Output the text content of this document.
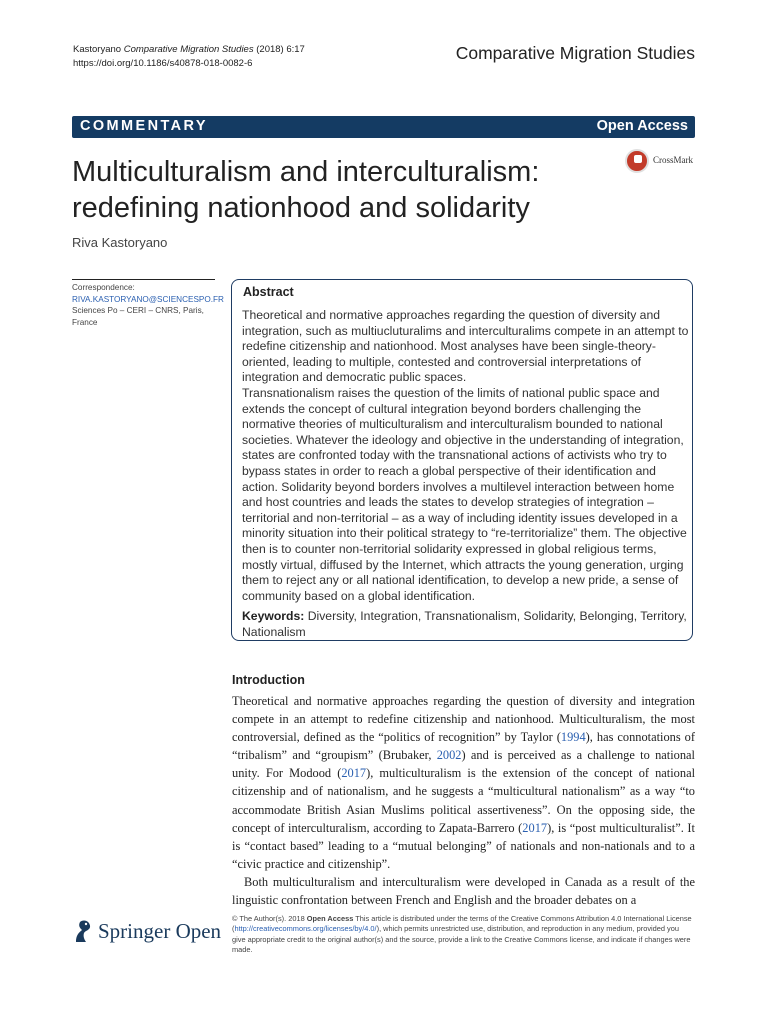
Kastoryano Comparative Migration Studies (2018) 6:17
https://doi.org/10.1186/s40878-018-0082-6
Comparative Migration Studies
COMMENTARY	Open Access
Multiculturalism and interculturalism: redefining nationhood and solidarity
CrossMark
Riva Kastoryano
Correspondence:
RIVA.KASTORYANO@SCIENCESPO.FR
Sciences Po – CERI – CNRS, Paris, France
Abstract
Theoretical and normative approaches regarding the question of diversity and integration, such as multiucluturalims and interculturalims compete in an attempt to redefine citizenship and nationhood. Most analyses have been single-theory-oriented, leading to multiple, contested and controversial interpretations of integration and democratic public spaces.
Transnationalism raises the question of the limits of national public space and extends the concept of cultural integration beyond borders challenging the normative theories of multiculturalism and interculturalism bounded to national societies. Whatever the ideology and objective in the understanding of integration, states are confronted today with the transnational actions of activists who try to bypass states in order to reach a global perspective of their identification and action. Solidarity beyond borders involves a multilevel interaction between home and host countries and leads the states to develop strategies of integration – territorial and non-territorial – as a way of including identity issues developed in a minority situation into their political strategy to “re-territorialize” them. The objective then is to counter non-territorial solidarity expressed in global religious terms, mostly virtual, diffused by the Internet, which attracts the young generation, urging them to reject any or all national identification, to develop a new pride, a sense of community based on a global identification.
Keywords: Diversity, Integration, Transnationalism, Solidarity, Belonging, Territory, Nationalism
Introduction
Theoretical and normative approaches regarding the question of diversity and integration compete in an attempt to redefine citizenship and nationhood. Multiculturalism, the most controversial, defined as the “politics of recognition” by Taylor (1994), has connotations of “tribalism” and “groupism” (Brubaker, 2002) and is perceived as a challenge to national unity. For Modood (2017), multiculturalism is the extension of the concept of national citizenship and of nationalism, and he suggests a “multicultural nationalism” as a way “to accommodate British Asian Muslims political assertiveness”. On the opposing side, the concept of interculturalism, according to Zapata-Barrero (2017), is “post multiculturalist”. It is “contact based” leading to a “mutual belonging” of nationals and non-nationals and to a “civic practice and citizenship”.
Both multiculturalism and interculturalism were developed in Canada as a result of the linguistic confrontation between French and English and the broader debates on a
Springer Open
© The Author(s). 2018 Open Access This article is distributed under the terms of the Creative Commons Attribution 4.0 International License (http://creativecommons.org/licenses/by/4.0/), which permits unrestricted use, distribution, and reproduction in any medium, provided you give appropriate credit to the original author(s) and the source, provide a link to the Creative Commons license, and indicate if changes were made.
